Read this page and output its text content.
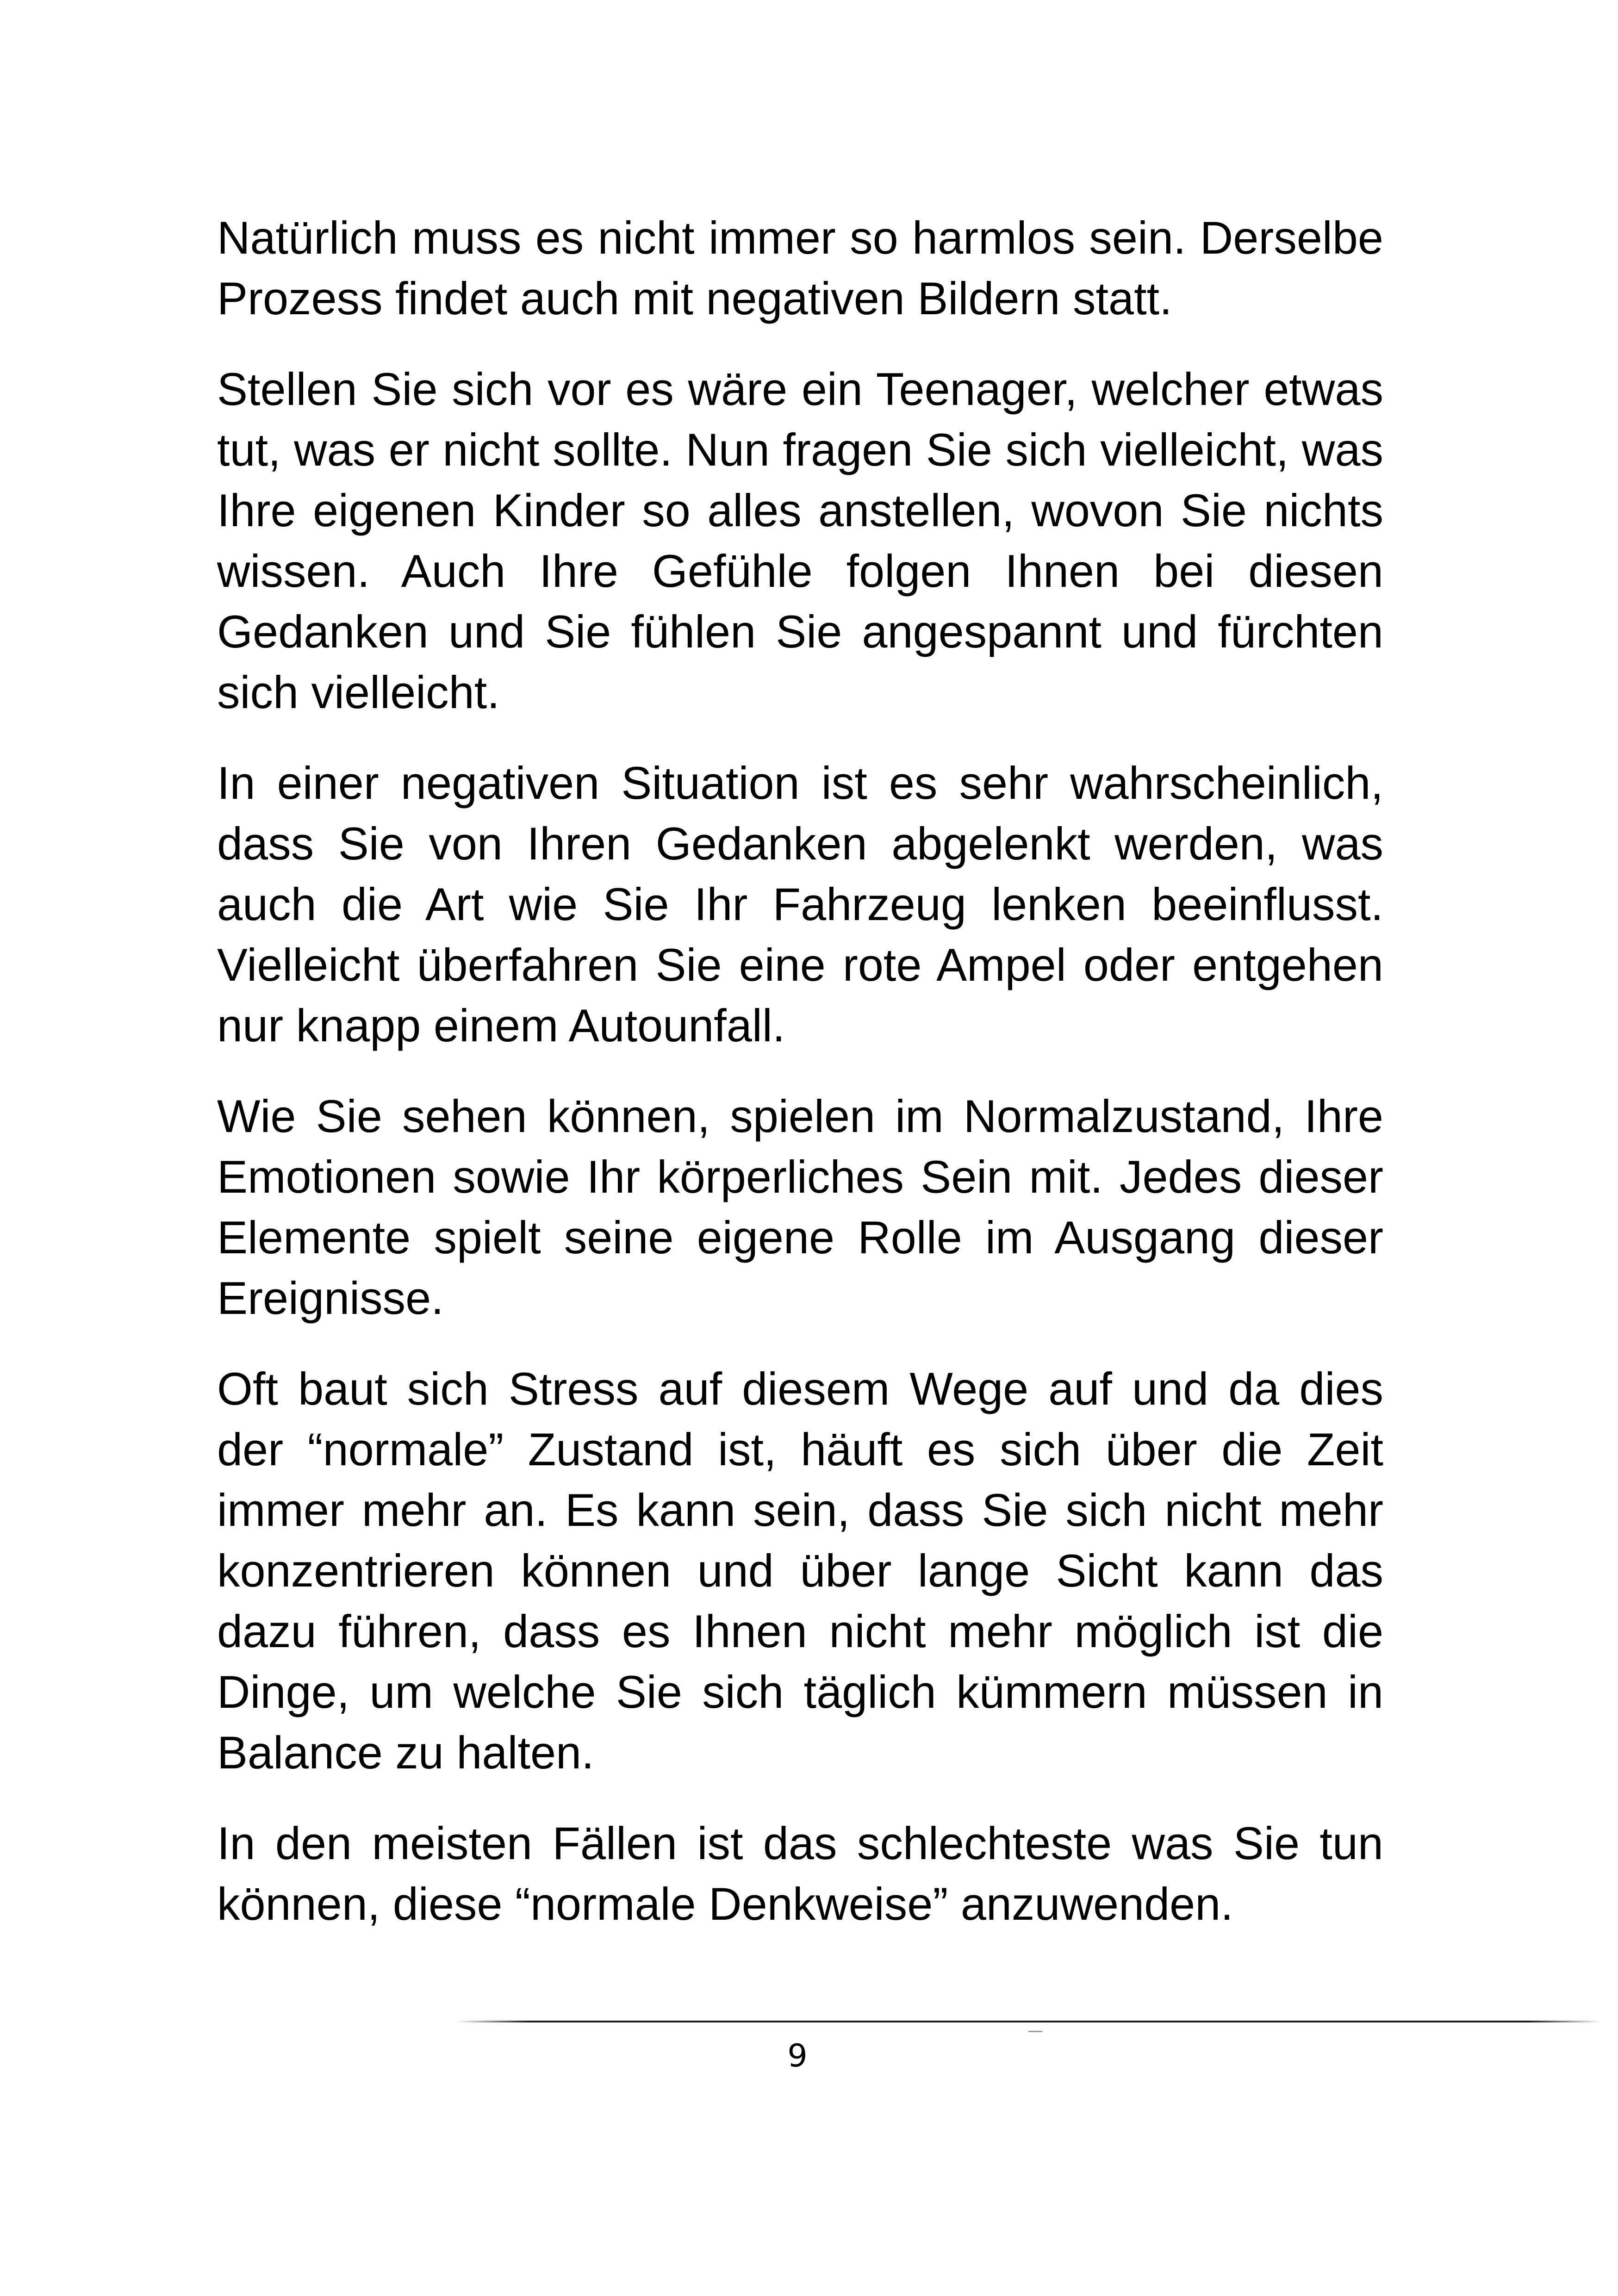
Natürlich muss es nicht immer so harmlos sein. Derselbe Prozess findet auch mit negativen Bildern statt.

Stellen Sie sich vor es wäre ein Teenager, welcher etwas tut, was er nicht sollte. Nun fragen Sie sich vielleicht, was Ihre eigenen Kinder so alles anstellen, wovon Sie nichts wissen. Auch Ihre Gefühle folgen Ihnen bei diesen Gedanken und Sie fühlen Sie angespannt und fürchten sich vielleicht.

In einer negativen Situation ist es sehr wahrscheinlich, dass Sie von Ihren Gedanken abgelenkt werden, was auch die Art wie Sie Ihr Fahrzeug lenken beeinflusst. Vielleicht überfahren Sie eine rote Ampel oder entgehen nur knapp einem Autounfall.

Wie Sie sehen können, spielen im Normalzustand, Ihre Emotionen sowie Ihr körperliches Sein mit. Jedes dieser Elemente spielt seine eigene Rolle im Ausgang dieser Ereignisse.

Oft baut sich Stress auf diesem Wege auf und da dies der “normale” Zustand ist, häuft es sich über die Zeit immer mehr an. Es kann sein, dass Sie sich nicht mehr konzentrieren können und über lange Sicht kann das dazu führen, dass es Ihnen nicht mehr möglich ist die Dinge, um welche Sie sich täglich kümmern müssen in Balance zu halten.

In den meisten Fällen ist das schlechteste was Sie tun können, diese “normale Denkweise” anzuwenden.

9
